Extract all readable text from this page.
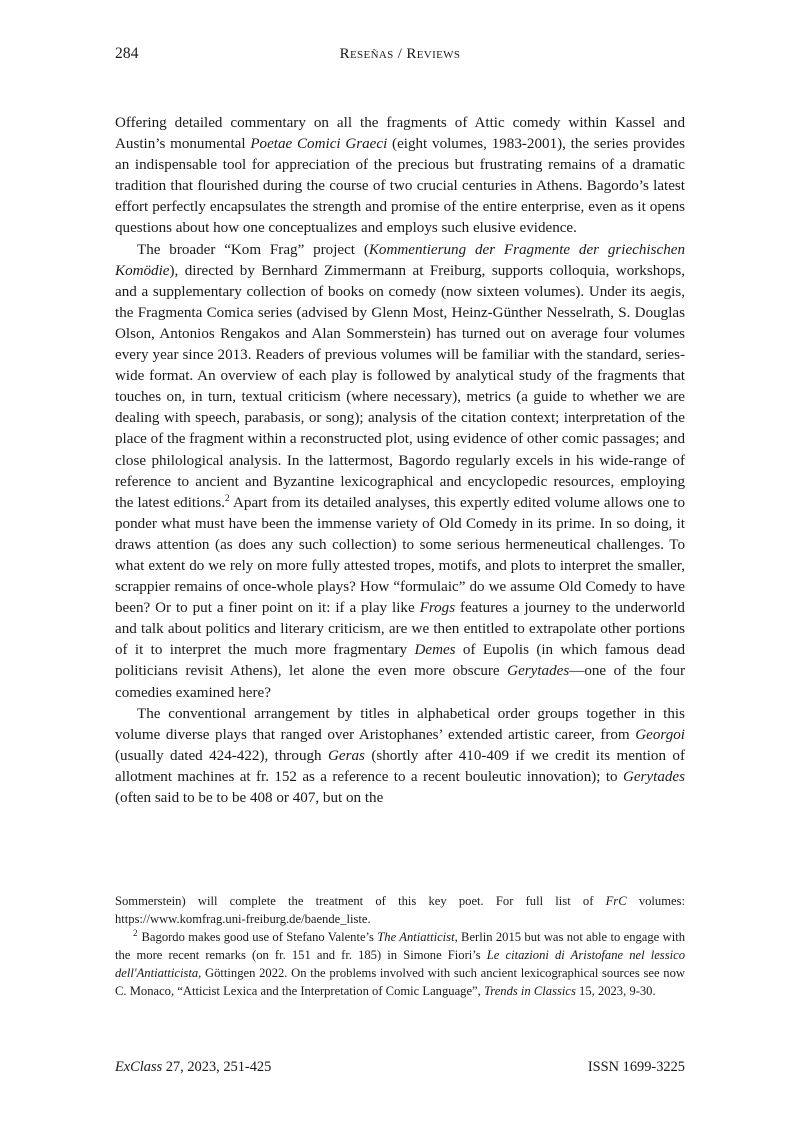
284	Reseñas / Reviews

Offering detailed commentary on all the fragments of Attic comedy within Kassel and Austin’s monumental Poetae Comici Graeci (eight volumes, 1983-2001), the series provides an indispensable tool for appreciation of the precious but frustrating remains of a dramatic tradition that flourished during the course of two crucial centuries in Athens. Bagordo’s latest effort perfectly encapsulates the strength and promise of the entire enterprise, even as it opens questions about how one conceptualizes and employs such elusive evidence.

The broader “Kom Frag” project (Kommentierung der Fragmente der griechischen Komödie), directed by Bernhard Zimmermann at Freiburg, supports colloquia, workshops, and a supplementary collection of books on comedy (now sixteen volumes). Under its aegis, the Fragmenta Comica series (advised by Glenn Most, Heinz-Günther Nesselrath, S. Douglas Olson, Antonios Rengakos and Alan Sommerstein) has turned out on average four volumes every year since 2013. Readers of previous volumes will be familiar with the standard, series-wide format. An overview of each play is followed by analytical study of the fragments that touches on, in turn, textual criticism (where necessary), metrics (a guide to whether we are dealing with speech, parabasis, or song); analysis of the citation context; interpretation of the place of the fragment within a reconstructed plot, using evidence of other comic passages; and close philological analysis. In the lattermost, Bagordo regularly excels in his wide-range of reference to ancient and Byzantine lexicographical and encyclopedic resources, employing the latest editions.$^2$ Apart from its detailed analyses, this expertly edited volume allows one to ponder what must have been the immense variety of Old Comedy in its prime. In so doing, it draws attention (as does any such collection) to some serious hermeneutical challenges. To what extent do we rely on more fully attested tropes, motifs, and plots to interpret the smaller, scrappier remains of once-whole plays? How “formulaic” do we assume Old Comedy to have been? Or to put a finer point on it: if a play like Frogs features a journey to the underworld and talk about politics and literary criticism, are we then entitled to extrapolate other portions of it to interpret the much more fragmentary Demes of Eupolis (in which famous dead politicians revisit Athens), let alone the even more obscure Gerytades—one of the four comedies examined here?

The conventional arrangement by titles in alphabetical order groups together in this volume diverse plays that ranged over Aristophanes’ extended artistic career, from Georgoi (usually dated 424-422), through Geras (shortly after 410-409 if we credit its mention of allotment machines at fr. 152 as a reference to a recent bouleutic innovation); to Gerytades (often said to be to be 408 or 407, but on the

Sommerstein) will complete the treatment of this key poet. For full list of FrC volumes: https://www.komfrag.uni-freiburg.de/baende_liste.

$^2$ Bagordo makes good use of Stefano Valente’s The Antiatticist, Berlin 2015 but was not able to engage with the more recent remarks (on fr. 151 and fr. 185) in Simone Fiori’s Le citazioni di Aristofane nel lessico dell'Antiatticista, Göttingen 2022. On the problems involved with such ancient lexicographical sources see now C. Monaco, “Atticist Lexica and the Interpretation of Comic Language”, Trends in Classics 15, 2023, 9-30.

ExClass 27, 2023, 251-425	ISSN 1699-3225
